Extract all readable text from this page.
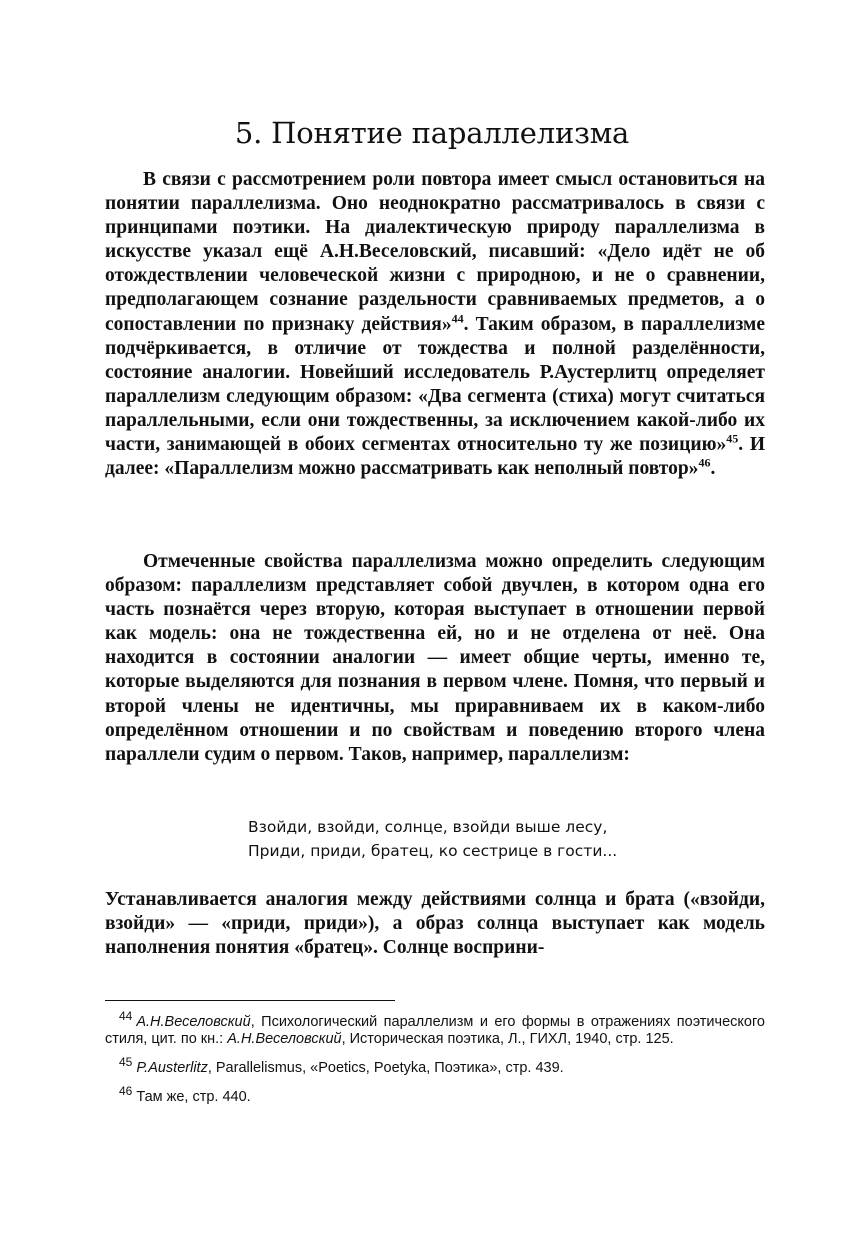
5. Понятие параллелизма

В связи с рассмотрением роли повтора имеет смысл остановиться на понятии параллелизма. Оно неоднократно рассматривалось в связи с принципами поэтики. На диалектическую природу параллелизма в искусстве указал ещё А.Н.Веселовский, писавший: «Дело идёт не об отождествлении человеческой жизни с природною, и не о сравнении, предполагающем сознание раздельности сравниваемых предметов, а о сопоставлении по признаку действия»$^{44}$. Таким образом, в параллелизме подчёркивается, в отличие от тождества и полной разделённости, состояние аналогии. Новейший исследователь Р.Аустерлитц определяет параллелизм следующим образом: «Два сегмента (стиха) могут считаться параллельными, если они тождественны, за исключением какой-либо их части, занимающей в обоих сегментах относительно ту же позицию»$^{45}$. И далее: «Параллелизм можно рассматривать как неполный повтор»$^{46}$.

Отмеченные свойства параллелизма можно определить следующим образом: параллелизм представляет собой двучлен, в котором одна его часть познаётся через вторую, которая выступает в отношении первой как модель: она не тождественна ей, но и не отделена от неё. Она находится в состоянии аналогии — имеет общие черты, именно те, которые выделяются для познания в первом члене. Помня, что первый и второй члены не идентичны, мы приравниваем их в каком-либо определённом отношении и по свойствам и поведению второго члена параллели судим о первом. Таков, например, параллелизм:

Взойди, взойди, солнце, взойди выше лесу,
Приди, приди, братец, ко сестрице в гости...

Устанавливается аналогия между действиями солнца и брата («взойди, взойди» — «приди, приди»), а образ солнца выступает как модель наполнения понятия «братец». Солнце восприни-

$^{44}$ А.Н.Веселовский, Психологический параллелизм и его формы в отражениях поэтического стиля, цит. по кн.: А.Н.Веселовский, Историческая поэтика, Л., ГИХЛ, 1940, стр. 125.

$^{45}$ P.Austerlitz, Parallelismus, «Poetics, Poetyka, Поэтика», стр. 439.

$^{46}$ Там же, стр. 440.
